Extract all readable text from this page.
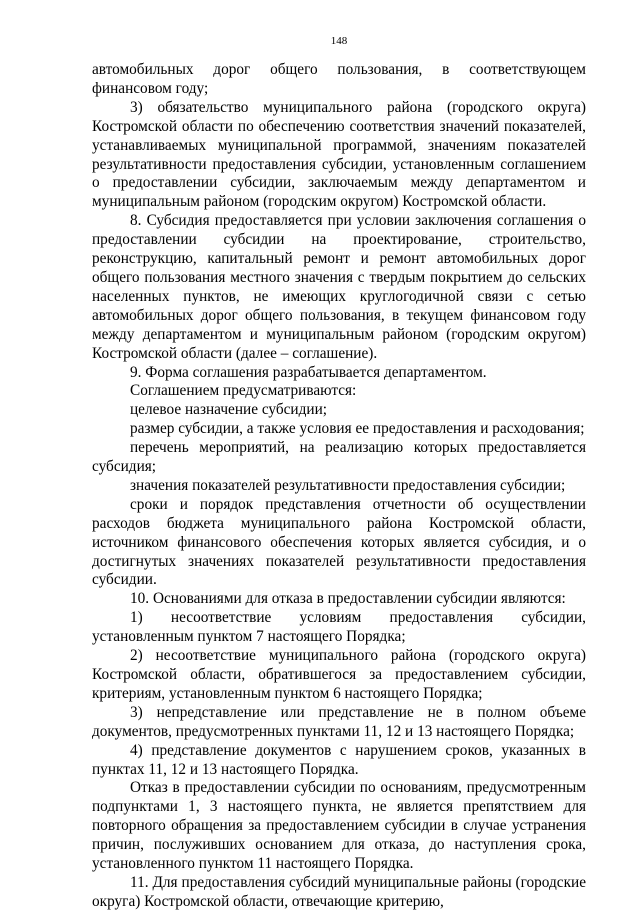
148

автомобильных дорог общего пользования, в соответствующем финансовом году;

3) обязательство муниципального района (городского округа) Костромской области по обеспечению соответствия значений показателей, устанавливаемых муниципальной программой, значениям показателей результативности предоставления субсидии, установленным соглашением о предоставлении субсидии, заключаемым между департаментом и муниципальным районом (городским округом) Костромской области.

8. Субсидия предоставляется при условии заключения соглашения о предоставлении субсидии на проектирование, строительство, реконструкцию, капитальный ремонт и ремонт автомобильных дорог общего пользования местного значения с твердым покрытием до сельских населенных пунктов, не имеющих круглогодичной связи с сетью автомобильных дорог общего пользования, в текущем финансовом году между департаментом и муниципальным районом (городским округом) Костромской области (далее – соглашение).

9. Форма соглашения разрабатывается департаментом.

Соглашением предусматриваются:

целевое назначение субсидии;

размер субсидии, а также условия ее предоставления и расходования;

перечень мероприятий, на реализацию которых предоставляется субсидия;

значения показателей результативности предоставления субсидии;

сроки и порядок представления отчетности об осуществлении расходов бюджета муниципального района Костромской области, источником финансового обеспечения которых является субсидия, и о достигнутых значениях показателей результативности предоставления субсидии.

10. Основаниями для отказа в предоставлении субсидии являются:

1) несоответствие условиям предоставления субсидии, установленным пунктом 7 настоящего Порядка;

2) несоответствие муниципального района (городского округа) Костромской области, обратившегося за предоставлением субсидии, критериям, установленным пунктом 6 настоящего Порядка;

3) непредставление или представление не в полном объеме документов, предусмотренных пунктами 11, 12 и 13 настоящего Порядка;

4) представление документов с нарушением сроков, указанных в пунктах 11, 12 и 13 настоящего Порядка.

Отказ в предоставлении субсидии по основаниям, предусмотренным подпунктами 1, 3 настоящего пункта, не является препятствием для повторного обращения за предоставлением субсидии в случае устранения причин, послуживших основанием для отказа, до наступления срока, установленного пунктом 11 настоящего Порядка.

11. Для предоставления субсидий муниципальные районы (городские округа) Костромской области, отвечающие критерию,
